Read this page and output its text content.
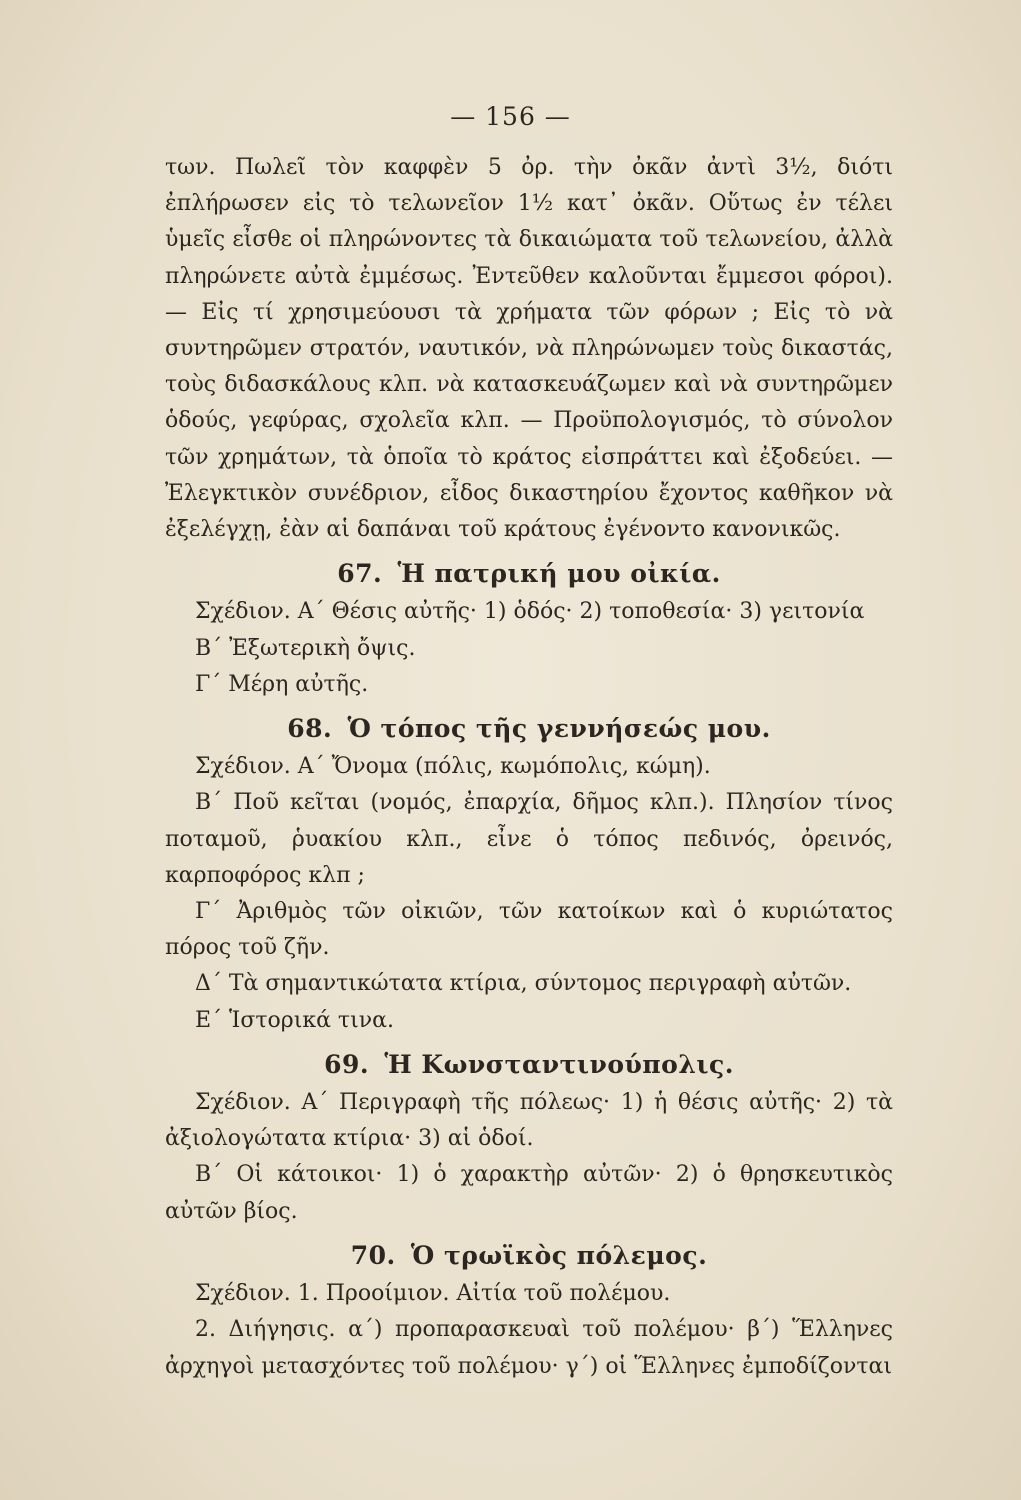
— 156 —

των. Πωλεῖ τὸν καφφὲν 5 ὀρ. τὴν ὀκᾶν ἀντὶ 3½, διότι ἐπλήρωσεν εἰς τὸ τελωνεῖον 1½ κατ᾿ ὀκᾶν. Οὕτως ἐν τέλει ὑμεῖς εἶσθε οἱ πληρώνοντες τὰ δικαιώματα τοῦ τελωνείου, ἀλλὰ πληρώνετε αὐτὰ ἐμμέσως. Ἐντεῦθεν καλοῦνται ἔμμεσοι φόροι). — Εἰς τί χρησιμεύουσι τὰ χρήματα τῶν φόρων ; Εἰς τὸ νὰ συντηρῶμεν στρατόν, ναυτικόν, νὰ πληρώνωμεν τοὺς δικαστάς, τοὺς διδασκάλους κλπ. νὰ κατασκευάζωμεν καὶ νὰ συντηρῶμεν ὁδούς, γεφύρας, σχολεῖα κλπ. — Προϋπολογισμός, τὸ σύνολον τῶν χρημάτων, τὰ ὁποῖα τὸ κράτος εἰσπράττει καὶ ἐξοδεύει. — Ἐλεγκτικὸν συνέδριον, εἶδος δικαστηρίου ἔχοντος καθῆκον νὰ ἐξελέγχῃ, ἐὰν αἱ δαπάναι τοῦ κράτους ἐγένοντο κανονικῶς.

67. Ἡ πατρική μου οἰκία.

Σχέδιον. Α΄ Θέσις αὐτῆς· 1) ὁδός· 2) τοποθεσία· 3) γειτονία

Β΄ Ἐξωτερικὴ ὄψις.

Γ΄ Μέρη αὐτῆς.

68. Ὁ τόπος τῆς γεννήσεώς μου.

Σχέδιον. Α΄ Ὄνομα (πόλις, κωμόπολις, κώμη).

Β΄ Ποῦ κεῖται (νομός, ἐπαρχία, δῆμος κλπ.). Πλησίον τίνος ποταμοῦ, ῥυακίου κλπ., εἶνε ὁ τόπος πεδινός, ὀρεινός, καρποφόρος κλπ ;

Γ΄ Ἀριθμὸς τῶν οἰκιῶν, τῶν κατοίκων καὶ ὁ κυριώτατος πόρος τοῦ ζῆν.

Δ΄ Τὰ σημαντικώτατα κτίρια, σύντομος περιγραφὴ αὐτῶν.

Ε΄ Ἱστορικά τινα.

69. Ἡ Κωνσταντινούπολις.

Σχέδιον. Α΄ Περιγραφὴ τῆς πόλεως· 1) ἡ θέσις αὐτῆς· 2) τὰ ἀξιολογώτατα κτίρια· 3) αἱ ὁδοί.

Β΄ Οἱ κάτοικοι· 1) ὁ χαρακτὴρ αὐτῶν· 2) ὁ θρησκευτικὸς αὐτῶν βίος.

70. Ὁ τρωϊκὸς πόλεμος.

Σχέδιον. 1. Προοίμιον. Αἰτία τοῦ πολέμου.

2. Διήγησις. α΄) προπαρασκευαὶ τοῦ πολέμου· β΄) Ἕλληνες ἀρχηγοὶ μετασχόντες τοῦ πολέμου· γ΄) οἱ Ἕλληνες ἐμποδίζονται
